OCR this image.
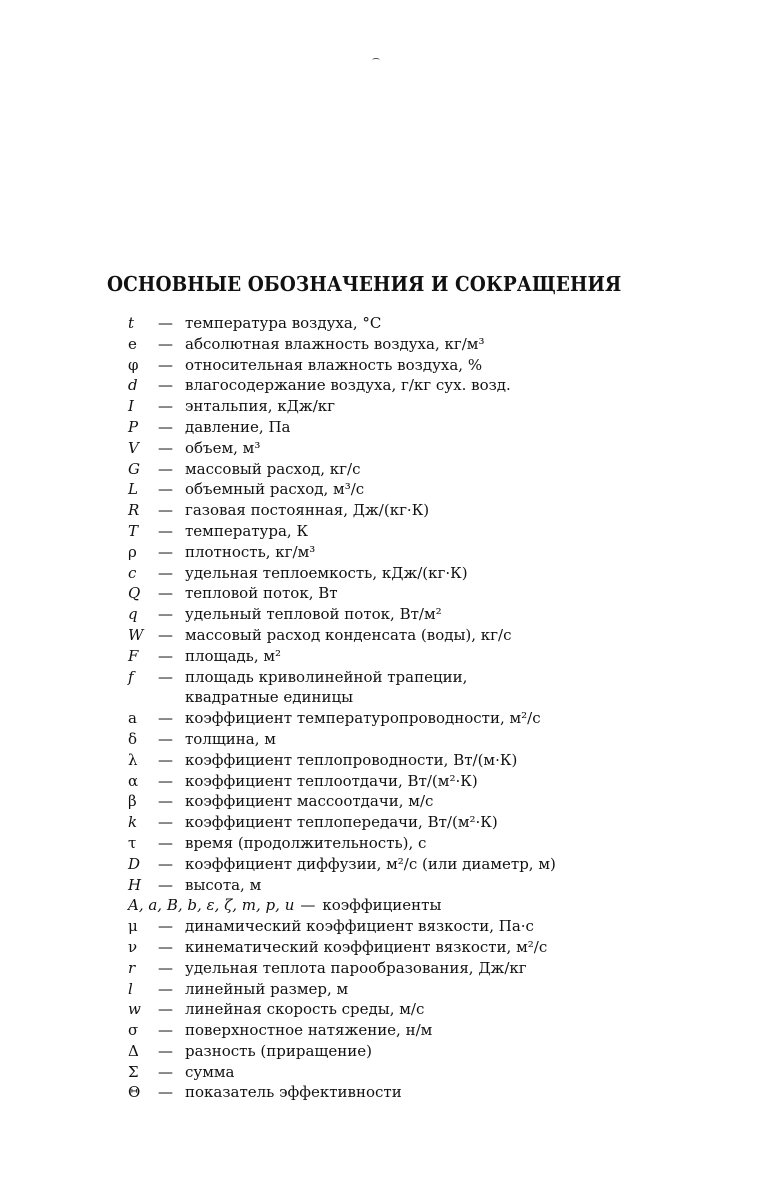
ОСНОВНЫЕ ОБОЗНАЧЕНИЯ И СОКРАЩЕНИЯ
t	— температура воздуха, °С
e	— абсолютная влажность воздуха, кг/м³
φ	— относительная влажность воздуха, %
d	— влагосодержание воздуха, г/кг сух. возд.
I	— энтальпия, кДж/кг
P	— давление, Па
V	— объем, м³
G	— массовый расход, кг/с
L	— объемный расход, м³/с
R	— газовая постоянная, Дж/(кг·К)
T	— температура, К
ρ	— плотность, кг/м³
c	— удельная теплоемкость, кДж/(кг·К)
Q	— тепловой поток, Вт
q	— удельный тепловой поток, Вт/м²
W — массовый расход конденсата (воды), кг/с
F	— площадь, м²
f	— площадь криволинейной трапеции,
квадратные единицы
a	— коэффициент температуропроводности, м²/с
δ	— толщина, м
λ	— коэффициент теплопроводности, Вт/(м·К)
α	— коэффициент теплоотдачи, Вт/(м²·К)
β	— коэффициент массоотдачи, м/с
k	— коэффициент теплопередачи, Вт/(м²·К)
τ	— время (продолжительность), с
D	— коэффициент диффузии, м²/с (или диаметр, м)
H	— высота, м
A, a, B, b, ε, ζ, m, p, u — коэффициенты
μ	— динамический коэффициент вязкости, Па·с
ν	— кинематический коэффициент вязкости, м²/с
r	— удельная теплота парообразования, Дж/кг
l	— линейный размер, м
w	— линейная скорость среды, м/с
σ	— поверхностное натяжение, н/м
Δ	— разность (приращение)
Σ	— сумма
Θ	— показатель эффективности
